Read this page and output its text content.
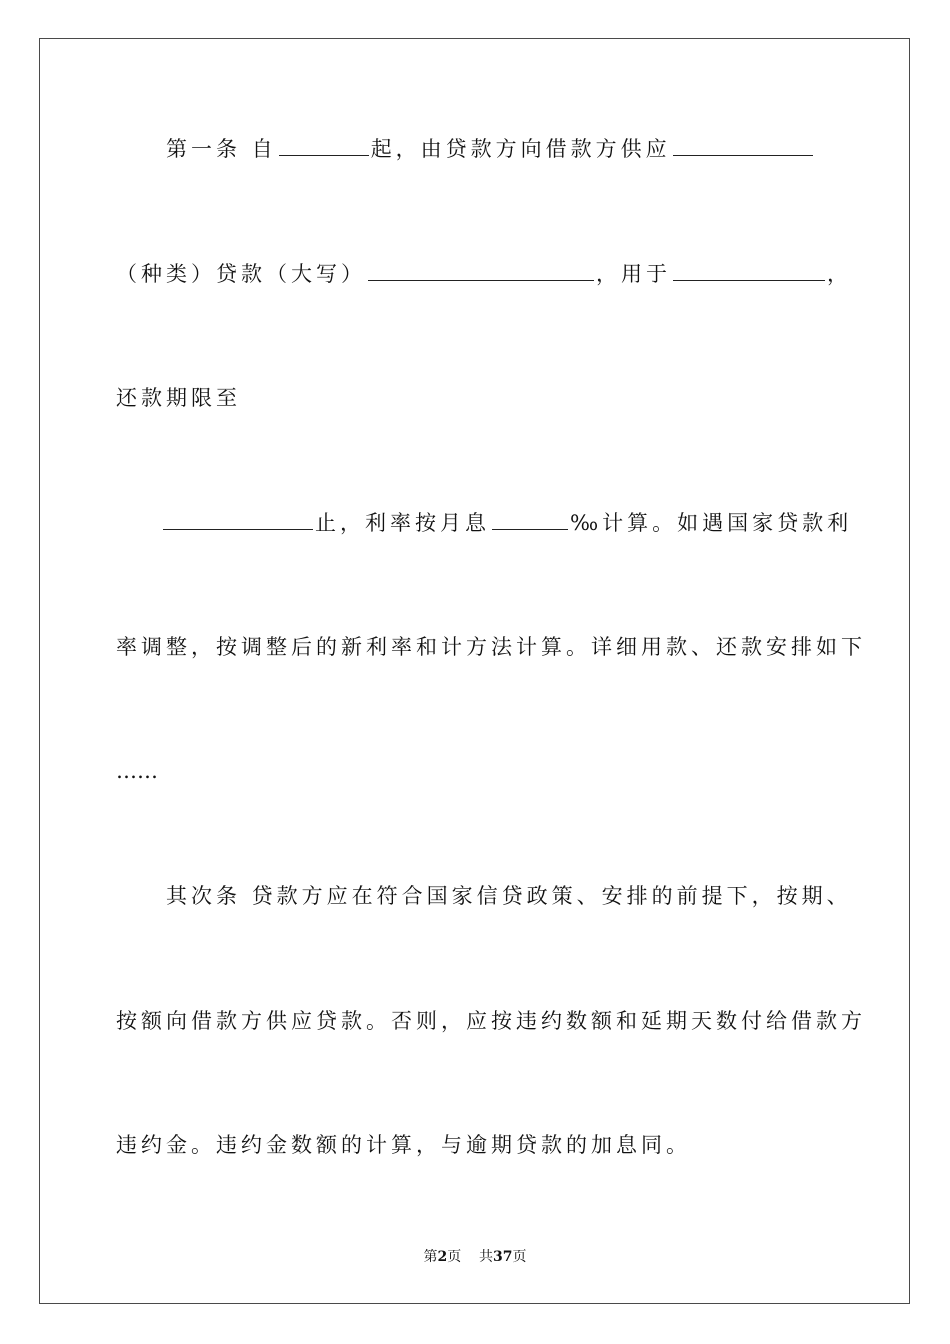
第一条 自	起，由贷款方向借款方供应
（种类）贷款（大写）	，用于	，
还款期限至
止，利率按月息	‰计算。如遇国家贷款利
率调整，按调整后的新利率和计方法计算。详细用款、还款安排如下
……
其次条 贷款方应在符合国家信贷政策、安排的前提下，按期、
按额向借款方供应贷款。否则，应按违约数额和延期天数付给借款方
违约金。违约金数额的计算，与逾期贷款的加息同。
第2页    共37页
